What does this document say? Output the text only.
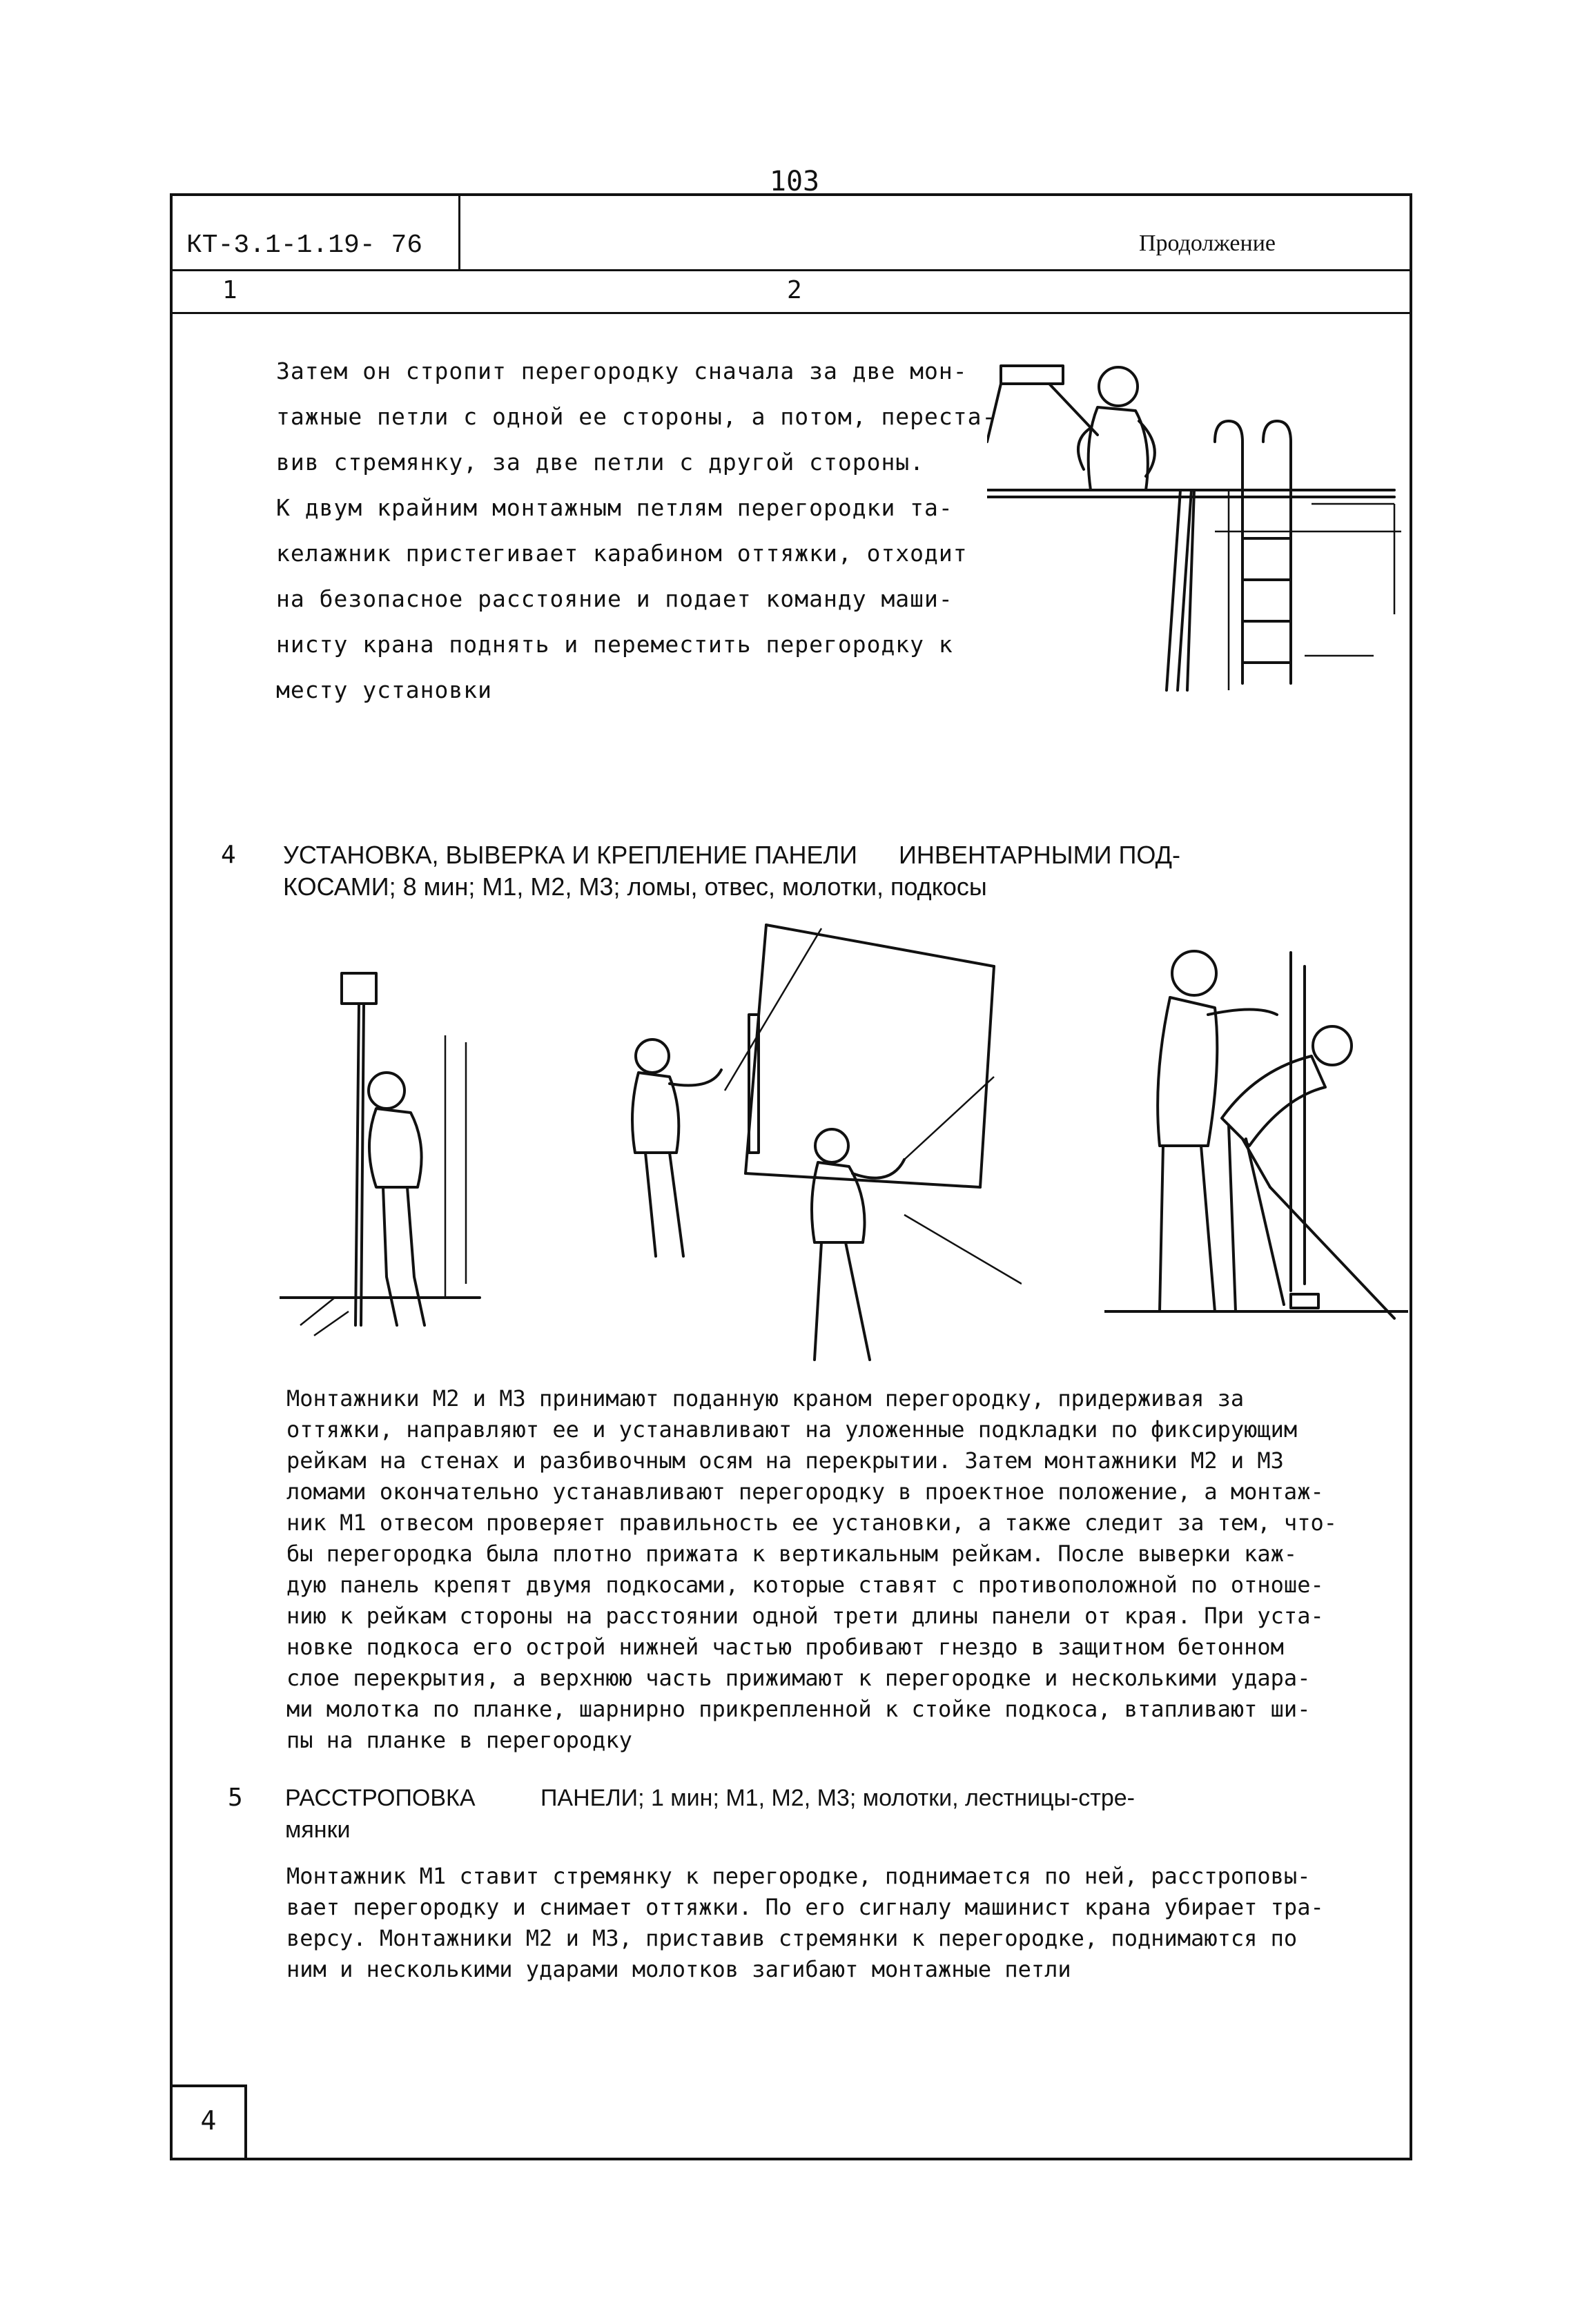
103
КТ-3.1-1.19- 76	Продолжение
1	2
Затем он стропит перегородку сначала за две мон-
тажные петли с одной ее стороны, а потом, переста-
вив стремянку, за две петли с другой стороны.
К двум крайним монтажным петлям перегородки та-
келажник пристегивает карабином оттяжки, отходит
на безопасное расстояние и подает команду маши-
нисту крана поднять и переместить перегородку к
месту установки
4 УСТАНОВКА, ВЫВЕРКА И КРЕПЛЕНИЕ ПАНЕЛИ      ИНВЕНТАРНЫМИ ПОД-
КОСАМИ; 8 мин; М1, М2, М3; ломы, отвес, молотки, подкосы
Монтажники М2 и М3 принимают поданную краном перегородку, придерживая за
оттяжки, направляют ее и устанавливают на уложенные подкладки по фиксирующим
рейкам на стенах и разбивочным осям на перекрытии. Затем монтажники М2 и М3
ломами окончательно устанавливают перегородку в проектное положение, а монтаж-
ник М1 отвесом проверяет правильность ее установки, а также следит за тем, что-
бы перегородка была плотно прижата к вертикальным рейкам. После выверки каж-
дую панель крепят двумя подкосами, которые ставят с противоположной по отноше-
нию к рейкам стороны на расстоянии одной трети длины панели от края. При уста-
новке подкоса его острой нижней частью пробивают гнездо в защитном бетонном
слое перекрытия, а верхнюю часть прижимают к перегородке и несколькими удара-
ми молотка по планке, шарнирно прикрепленной к стойке подкоса, втапливают ши-
пы на планке в перегородку
5 РАССТРОПОВКА          ПАНЕЛИ; 1 мин; М1, М2, М3; молотки, лестницы-стре-
мянки
Монтажник М1 ставит стремянку к перегородке, поднимается по ней, расстроповы-
вает перегородку и снимает оттяжки. По его сигналу машинист крана убирает тра-
версу. Монтажники М2 и М3, приставив стремянки к перегородке, поднимаются по
ним и несколькими ударами молотков загибают монтажные петли
4
